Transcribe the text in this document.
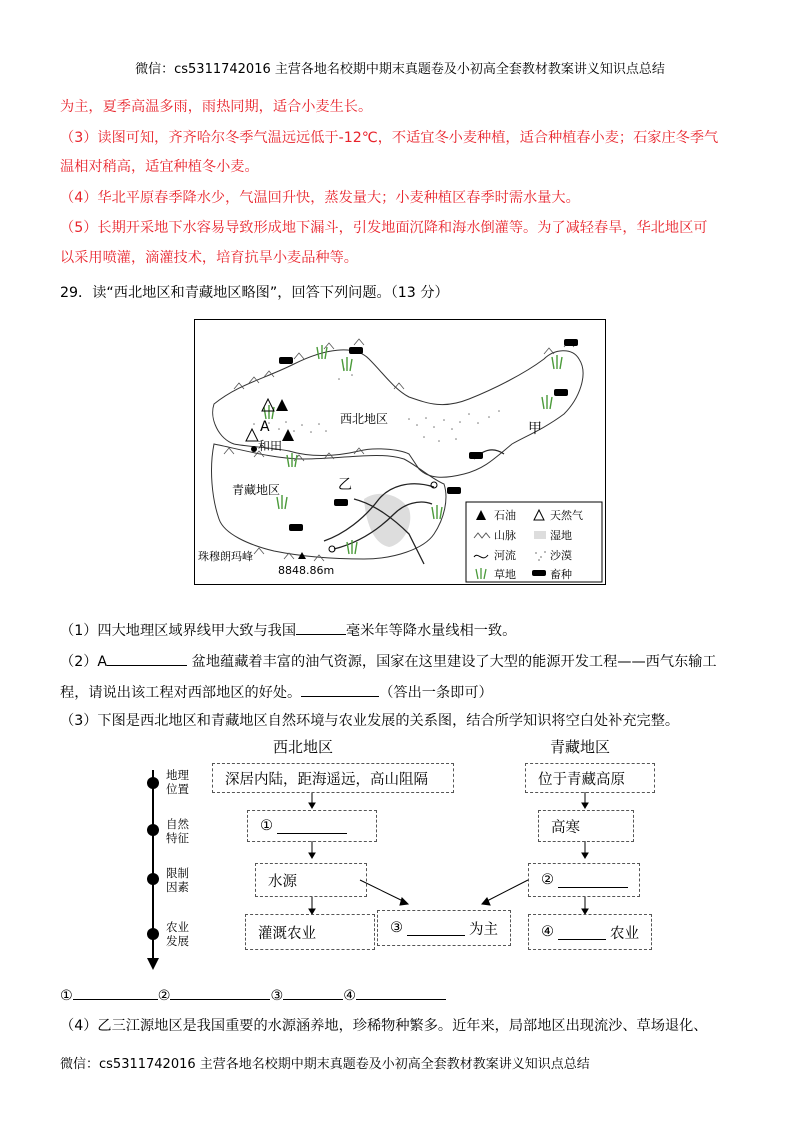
微信：cs5311742016 主营各地名校期中期末真题卷及小初高全套教材教案讲义知识点总结
为主，夏季高温多雨，雨热同期，适合小麦生长。
（3）读图可知，齐齐哈尔冬季气温远远低于-12℃，不适宜冬小麦种植，适合种植春小麦；石家庄冬季气
温相对稍高，适宜种植冬小麦。
（4）华北平原春季降水少，气温回升快，蒸发量大；小麦种植区春季时需水量大。
（5）长期开采地下水容易导致形成地下漏斗，引发地面沉降和海水倒灌等。为了减轻春旱，华北地区可
以采用喷灌，滴灌技术，培育抗旱小麦品种等。
29．读“西北地区和青藏地区略图”，回答下列问题。（13 分）
西北地区
青藏地区
甲
乙
A
和田
珠穆朗玛峰
8848.86m
石油	天然气
山脉	湿地
河流	沙漠
草地	畜种
（1）四大地理区域界线甲大致与我国	毫米年等降水量线相一致。
（2）A	盆地蕴藏着丰富的油气资源，国家在这里建设了大型的能源开发工程——西气东输工
程，请说出该工程对西部地区的好处。	（答出一条即可）
（3）下图是西北地区和青藏地区自然环境与农业发展的关系图，结合所学知识将空白处补充完整。
西北地区	青藏地区
地理
位置
自然
特征
限制
因素
农业
发展
深居内陆，距海遥远，高山阻隔
①
水源
灌溉农业	③	为主
位于青藏高原
高寒
②
④	农业
①	②	③	④
（4）乙三江源地区是我国重要的水源涵养地，珍稀物种繁多。近年来，局部地区出现流沙、草场退化、
微信：cs5311742016 主营各地名校期中期末真题卷及小初高全套教材教案讲义知识点总结
